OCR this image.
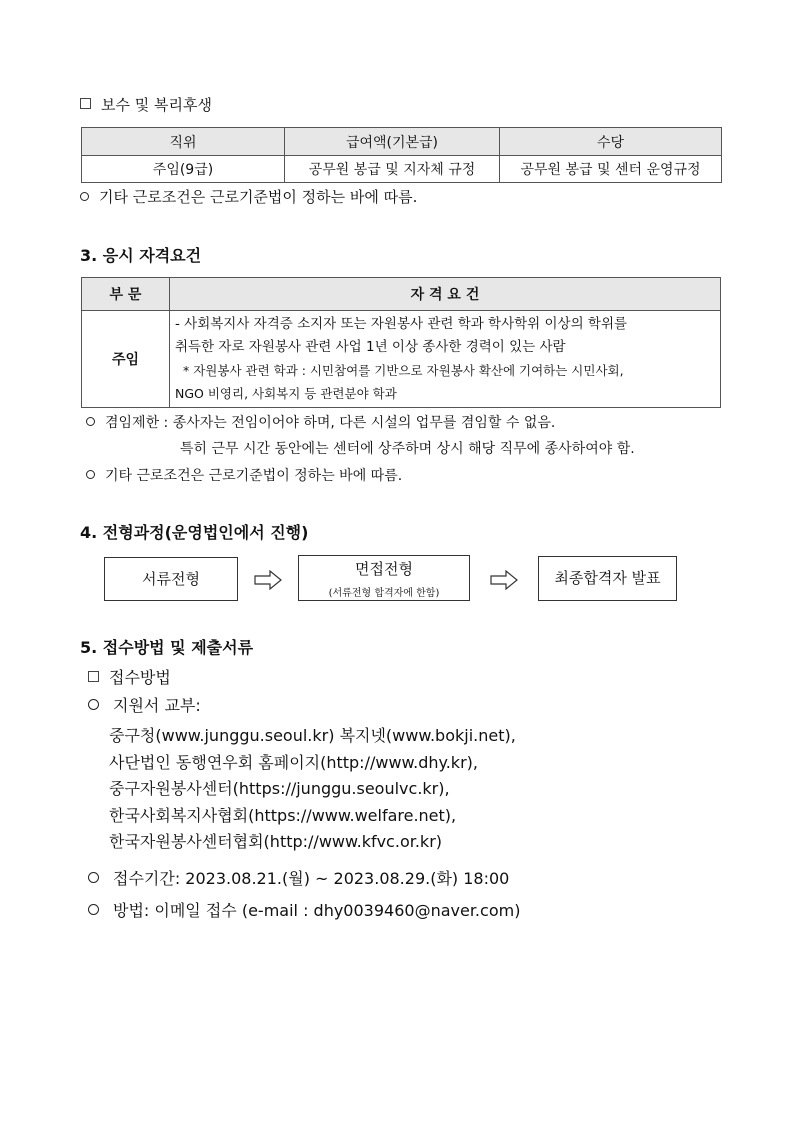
보수 및 복리후생
직위	급여액(기본급)	수당
주임(9급)	공무원 봉급 및 지자체 규정	공무원 봉급 및 센터 운영규정
기타 근로조건은 근로기준법이 정하는 바에 따름.
3. 응시 자격요건
부 문	자 격 요 건
주임	- 사회복지사 자격증 소지자 또는 자원봉사 관련 학과 학사학위 이상의 학위를
취득한 자로 자원봉사 관련 사업 1년 이상 종사한 경력이 있는 사람
* 자원봉사 관련 학과 : 시민참여를 기반으로 자원봉사 확산에 기여하는 시민사회,
NGO 비영리, 사회복지 등 관련분야 학과
겸임제한 : 종사자는 전임이어야 하며, 다른 시설의 업무를 겸임할 수 없음.
특히 근무 시간 동안에는 센터에 상주하며 상시 해당 직무에 종사하여야 함.
기타 근로조건은 근로기준법이 정하는 바에 따름.
4. 전형과정(운영법인에서 진행)
서류전형
면접전형
(서류전형 합격자에 한함)
최종합격자 발표
5. 접수방법 및 제출서류
접수방법
지원서 교부:
중구청(www.junggu.seoul.kr) 복지넷(www.bokji.net),
사단법인 동행연우회 홈페이지(http://www.dhy.kr),
중구자원봉사센터(https://junggu.seoulvc.kr),
한국사회복지사협회(https://www.welfare.net),
한국자원봉사센터협회(http://www.kfvc.or.kr)
접수기간: 2023.08.21.(월) ~ 2023.08.29.(화) 18:00
방법: 이메일 접수 (e-mail : dhy0039460@naver.com)
